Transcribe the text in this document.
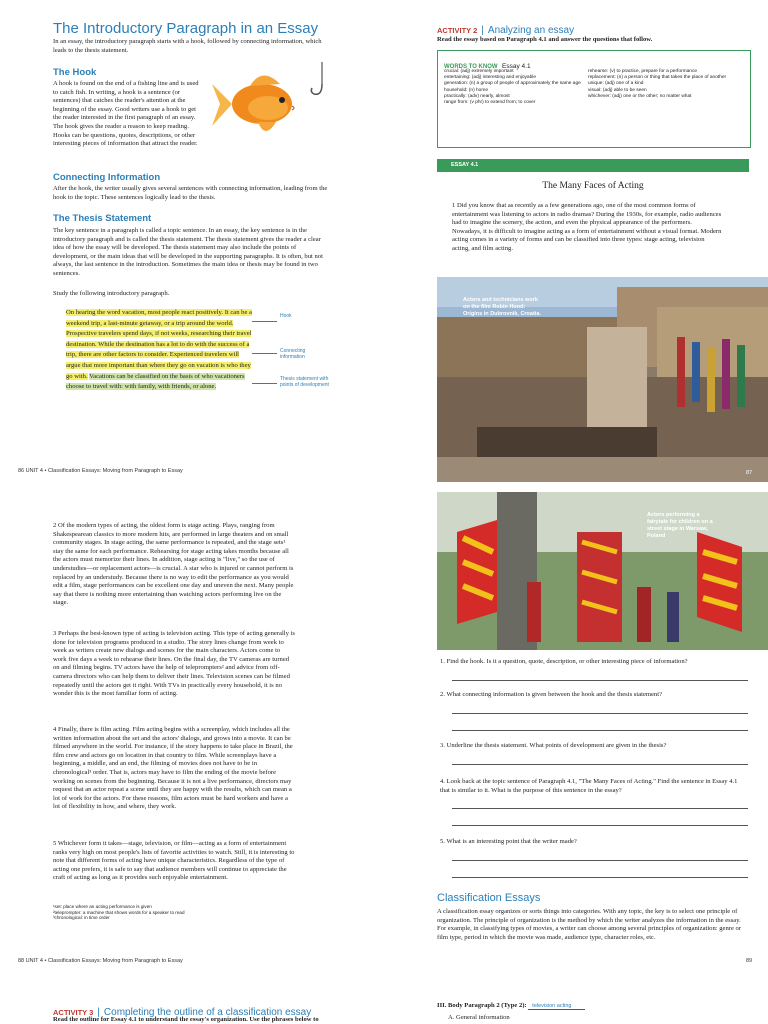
The Introductory Paragraph in an Essay

In an essay, the introductory paragraph starts with a hook, followed by connecting information, which leads to the thesis statement.

The Hook

A hook is found on the end of a fishing line and is used to catch fish. In writing, a hook is a sentence (or sentences) that catches the reader's attention at the beginning of the essay. Good writers use a hook to get the reader interested in the first paragraph of an essay. The hook gives the reader a reason to keep reading. Hooks can be questions, quotes, descriptions, or other interesting pieces of information that attract the reader.

Connecting Information

After the hook, the writer usually gives several sentences with connecting information, leading from the hook to the topic. These sentences logically lead to the thesis.

The Thesis Statement

The key sentence in a paragraph is called a topic sentence. In an essay, the key sentence is in the introductory paragraph and is called the thesis statement. The thesis statement gives the reader a clear idea of how the essay will be developed. The thesis statement may also include the points of development, or the main ideas that will be developed in the supporting paragraphs. It is often, but not always, the last sentence in the introduction. Sometimes the main idea or thesis may be found in two sentences.

Study the following introductory paragraph.

On hearing the word vacation, most people react positively. It can be a weekend trip, a last-minute getaway, or a trip around the world. Prospective travelers spend days, if not weeks, researching their travel destination. While the destination has a lot to do with the success of a trip, there are other factors to consider. Experienced travelers will argue that more important than where they go on vacation is who they go with. Vacations can be classified on the basis of who vacationers choose to travel with: with family, with friends, or alone.
Hook
Connecting information
Thesis statement with points of development
86 UNIT 4 • Classification Essays: Moving from Paragraph to Essay
ACTIVITY 2 | Analyzing an essay

Read the essay based on Paragraph 4.1 and answer the questions that follow.

WORDS TO KNOW Essay 4.1
crucial: (adj) extremely important
entertaining: (adj) interesting and enjoyable
generation: (n) a group of people of approximately the same age
household: (n) home
practically: (adv) nearly, almost
range from: (v phr) to extend from; to cover
rehearse: (v) to practice, prepare for a performance
replacement: (n) a person or thing that takes the place of another
unique: (adj) one of a kind
visual: (adj) able to be seen
whichever: (adj) one or the other; no matter what
ESSAY 4.1
The Many Faces of Acting

1 Did you know that as recently as a few generations ago, one of the most common forms of entertainment was listening to actors in radio dramas? During the 1930s, for example, radio audiences had to imagine the scenery, the action, and even the physical appearance of the performers. Nowadays, it is difficult to imagine acting as a form of entertainment without a visual format. Modern acting comes in a variety of forms and can be classified into three types: stage acting, television acting, and film acting.

Actors and technicians work on the film Robin Hood: Origins in Dubrovnik, Croatia.
87

2 Of the modern types of acting, the oldest form is stage acting. Plays, ranging from Shakespearean classics to more modern hits, are performed in large theaters and on small community stages. In stage acting, the same performance is repeated, and the stage sets¹ stay the same for each performance. Rehearsing for stage acting takes months because all the actors must memorize their lines. In addition, stage acting is "live," so the use of understudies—or replacement actors—is crucial. A star who is injured or cannot perform is replaced by an understudy. Because there is no way to edit the performance as you would edit a film, stage performances can be excellent one day and uneven the next. Many people say that there is nothing more entertaining than watching actors performing live on the stage.

3 Perhaps the best-known type of acting is television acting. This type of acting generally is done for television programs produced in a studio. The story lines change from week to week as writers create new dialogs and scenes for the main characters. Actors come to work five days a week to rehearse their lines. On the final day, the TV cameras are turned on and filming begins. TV actors have the help of teleprompters² and advice from off-camera directors who can help them to deliver their lines. Television scenes can be filmed repeatedly until the actors get it right. With TVs in practically every household, it is no wonder this is the most familiar form of acting.

4 Finally, there is film acting. Film acting begins with a screenplay, which includes all the written information about the set and the actors' dialogs, and grows into a movie. It can be filmed anywhere in the world. For instance, if the story happens to take place in Brazil, the film crew and actors go on location in that country to film. While screenplays have a beginning, a middle, and an end, the filming of movies does not have to be in chronological³ order. That is, actors may have to film the ending of the movie before working on scenes from the beginning. Because it is not a live performance, directors may request that an actor repeat a scene until they are happy with the results, which can mean a lot of work for the actors. For these reasons, film actors must be hard workers and have a lot of flexibility in how, and where, they work.

5 Whichever form it takes—stage, television, or film—acting as a form of entertainment ranks very high on most people's lists of favorite activities to watch. Still, it is interesting to note that different forms of acting have unique characteristics. Regardless of the type of acting one prefers, it is safe to say that audience members will continue to appreciate the craft of acting as long as it provides such enjoyable entertainment.

¹set: place where an acting performance is given
²teleprompter: a machine that shows words for a speaker to read
³chronological: in time order
88 UNIT 4 • Classification Essays: Moving from Paragraph to Essay
Actors performing a fairytale for children on a street stage in Warsaw, Poland
1. Find the hook. Is it a question, quote, description, or other interesting piece of information?
2. What connecting information is given between the hook and the thesis statement?
3. Underline the thesis statement. What points of development are given in the thesis?
4. Look back at the topic sentence of Paragraph 4.1, "The Many Faces of Acting." Find the sentence in Essay 4.1 that is similar to it. What is the purpose of this sentence in the essay?
5. What is an interesting point that the writer made?
Classification Essays

A classification essay organizes or sorts things into categories. With any topic, the key is to select one principle of organization. The principle of organization is the method by which the writer analyzes the information in the essay. For example, in classifying types of movies, a writer can choose among several principles of organization: genre or film type, period in which the movie was made, audience type, character roles, etc.

89
ACTIVITY 3 | Completing the outline of a classification essay

Read the outline for Essay 4.1 to understand the essay's organization. Use the phrases below to

III. Body Paragraph 2 (Type 2): television acting
A. General information
